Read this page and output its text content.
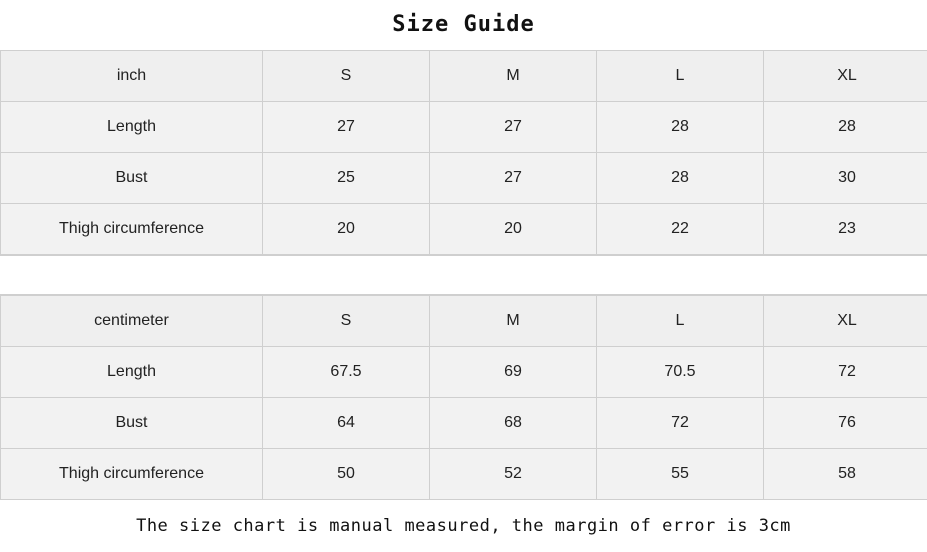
Size Guide
inch	S	M	L	XL
Length	27	27	28	28
Bust	25	27	28	30
Thigh circumference	20	20	22	23
centimeter	S	M	L	XL
Length	67.5	69	70.5	72
Bust	64	68	72	76
Thigh circumference	50	52	55	58
The size chart is manual measured, the margin of error is 3cm
